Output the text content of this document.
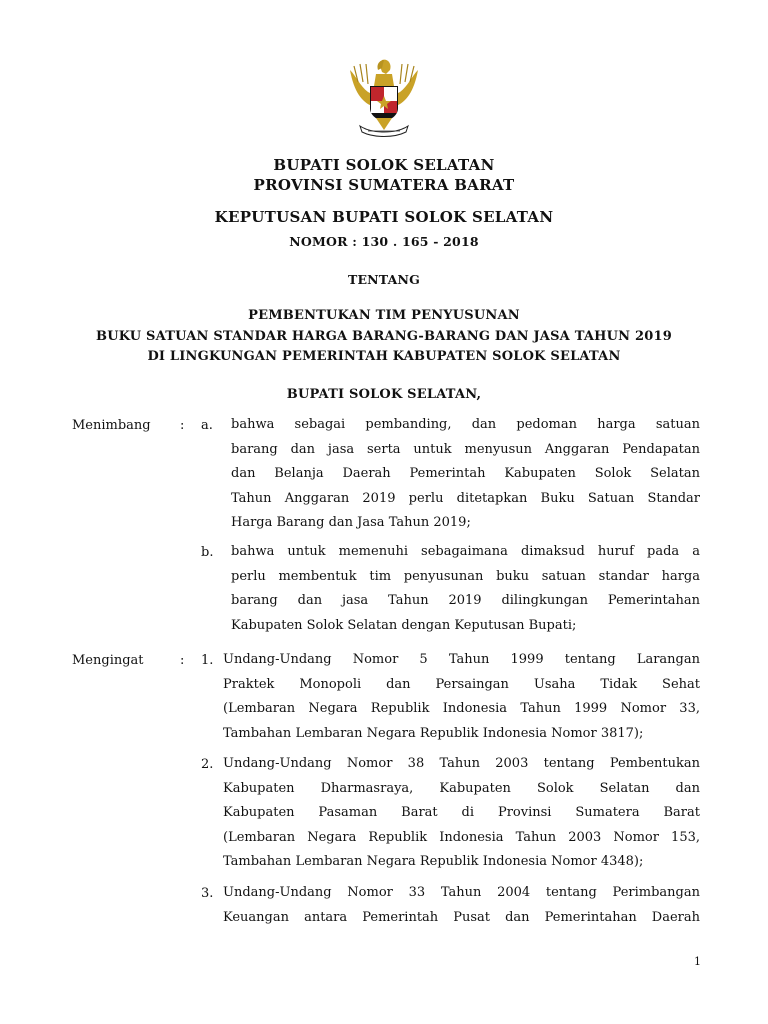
BUPATI SOLOK SELATAN
PROVINSI SUMATERA BARAT
KEPUTUSAN BUPATI SOLOK SELATAN
NOMOR : 130 . 165 - 2018
TENTANG
PEMBENTUKAN TIM PENYUSUNAN
BUKU SATUAN STANDAR HARGA BARANG-BARANG DAN JASA TAHUN 2019
DI LINGKUNGAN PEMERINTAH KABUPATEN SOLOK SELATAN
BUPATI SOLOK SELATAN,
Menimbang : a. bahwa sebagai pembanding, dan pedoman harga satuan
barang dan jasa serta untuk menyusun Anggaran Pendapatan
dan Belanja Daerah Pemerintah Kabupaten Solok Selatan
Tahun Anggaran 2019 perlu ditetapkan Buku Satuan Standar
Harga Barang dan Jasa Tahun 2019;
b. bahwa untuk memenuhi sebagaimana dimaksud huruf pada a
perlu membentuk tim penyusunan buku satuan standar harga
barang dan jasa Tahun 2019 dilingkungan Pemerintahan
Kabupaten Solok Selatan dengan Keputusan Bupati;
Mengingat	: 1. Undang-Undang Nomor 5 Tahun 1999 tentang Larangan
Praktek Monopoli dan Persaingan Usaha Tidak Sehat
(Lembaran Negara Republik Indonesia Tahun 1999 Nomor 33,
Tambahan Lembaran Negara Republik Indonesia Nomor 3817);
2. Undang-Undang Nomor 38 Tahun 2003 tentang Pembentukan
Kabupaten Dharmasraya, Kabupaten Solok Selatan dan
Kabupaten Pasaman Barat di Provinsi Sumatera Barat
(Lembaran Negara Republik Indonesia Tahun 2003 Nomor 153,
Tambahan Lembaran Negara Republik Indonesia Nomor 4348);
3. Undang-Undang Nomor 33 Tahun 2004 tentang Perimbangan
Keuangan antara Pemerintah Pusat dan Pemerintahan Daerah
1
